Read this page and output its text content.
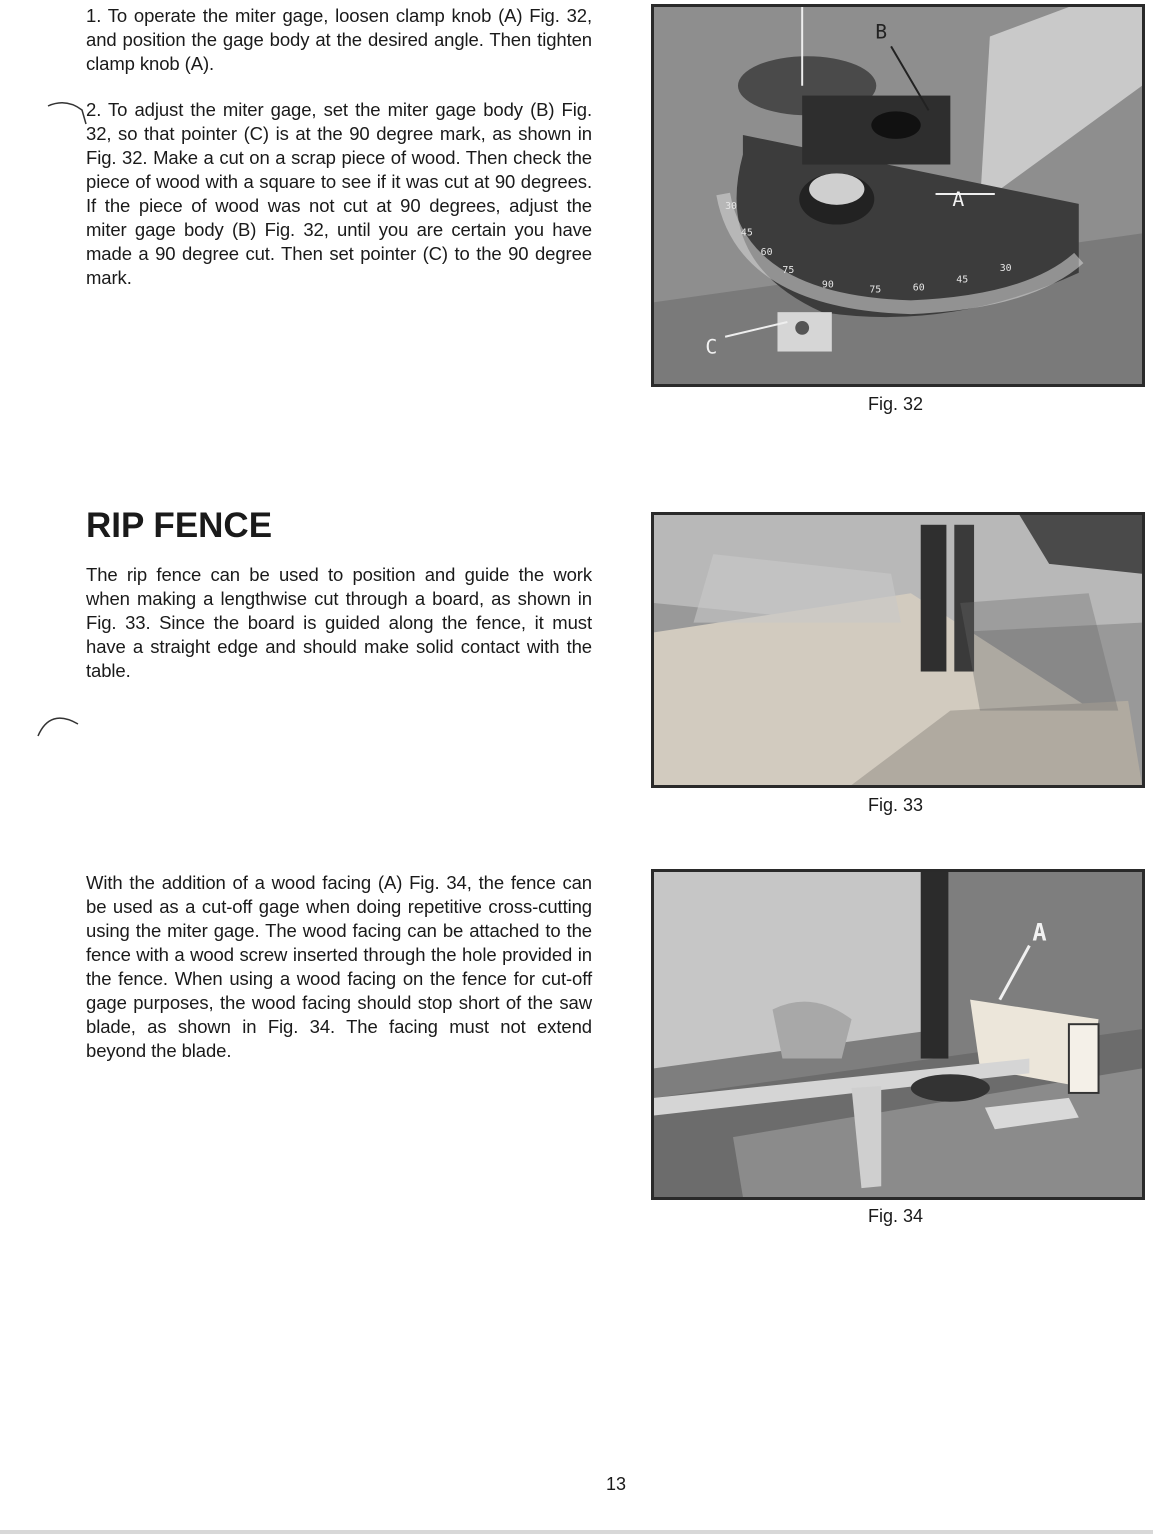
1. To operate the miter gage, loosen clamp knob (A) Fig. 32, and position the gage body at the desired angle. Then tighten clamp knob (A).

2. To adjust the miter gage, set the miter gage body (B) Fig. 32, so that pointer (C) is at the 90 degree mark, as shown in Fig. 32. Make a cut on a scrap piece of wood. Then check the piece of wood with a square to see if it was cut at 90 degrees. If the piece of wood was not cut at 90 degrees, adjust the miter gage body (B) Fig. 32, until you are certain you have made a 90 degree cut. Then set pointer (C) to the 90 degree mark.

B
A
C
30
45
60
75
90	75	60
45
30

Fig. 32

RIP FENCE

The rip fence can be used to position and guide the work when making a lengthwise cut through a board, as shown in Fig. 33. Since the board is guided along the fence, it must have a straight edge and should make solid contact with the table.

Fig. 33

With the addition of a wood facing (A) Fig. 34, the fence can be used as a cut-off gage when doing repetitive cross-cutting using the miter gage. The wood facing can be attached to the fence with a wood screw inserted through the hole provided in the fence. When using a wood facing on the fence for cut-off gage purposes, the wood facing should stop short of the saw blade, as shown in Fig. 34. The facing must not extend beyond the blade.

A

Fig. 34

13
